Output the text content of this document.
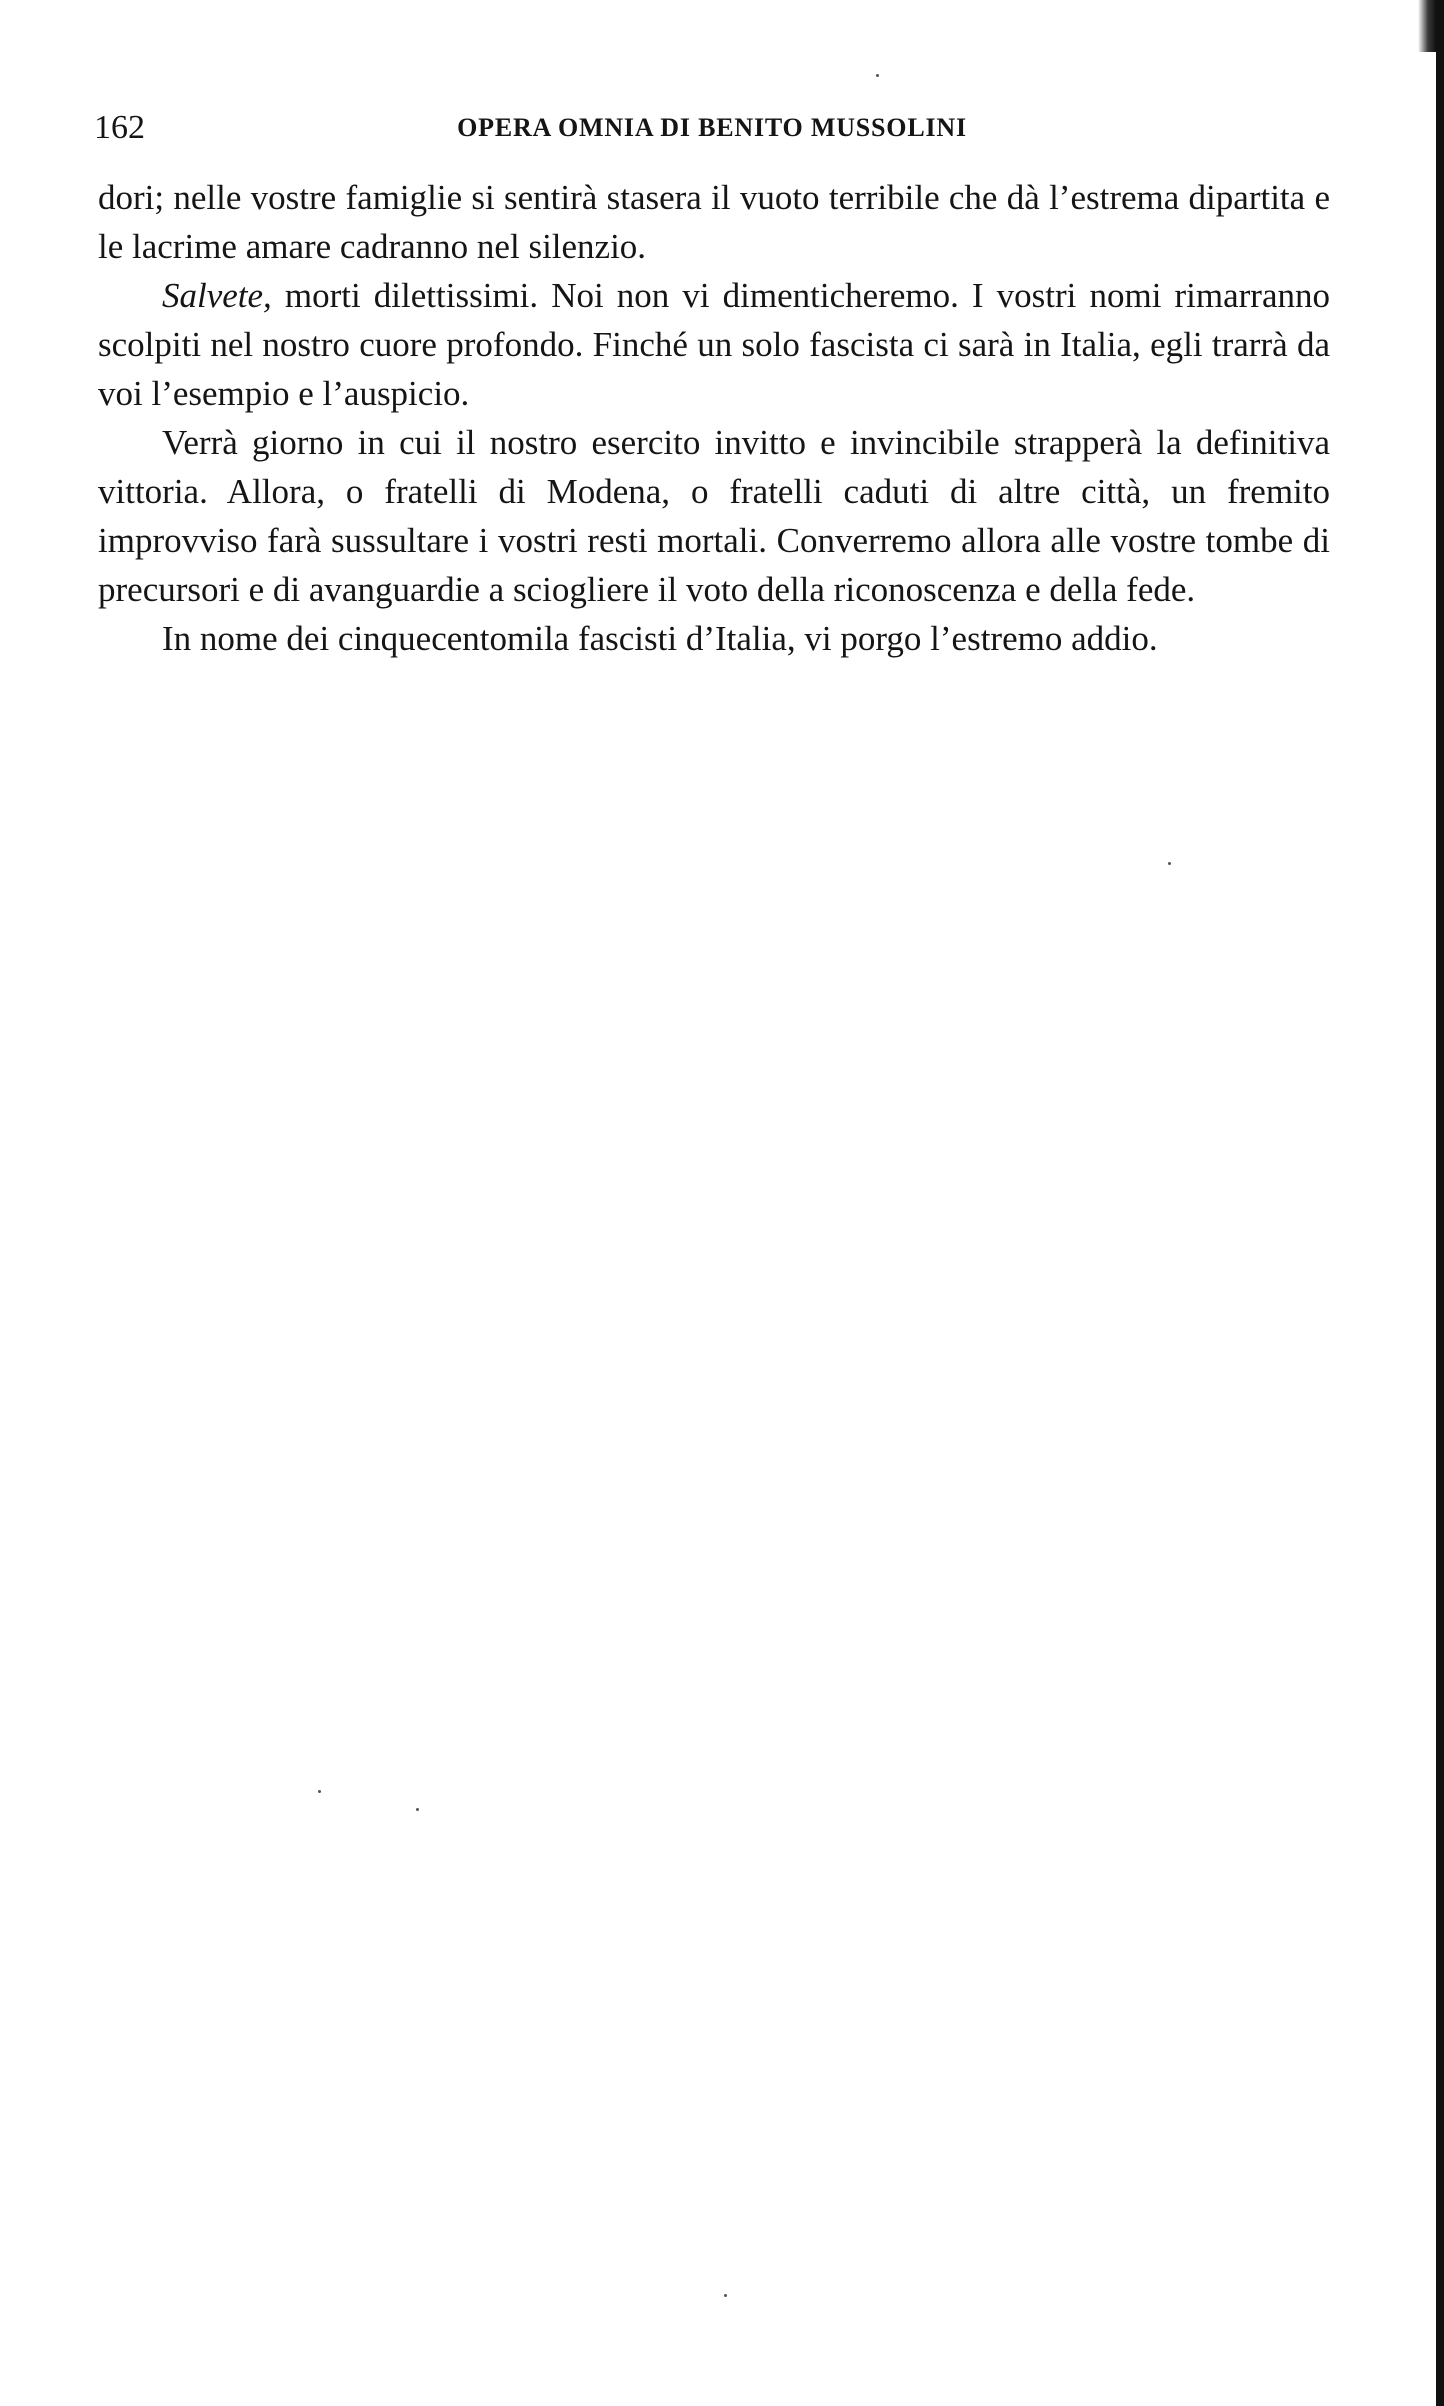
162	OPERA OMNIA DI BENITO MUSSOLINI

dori; nelle vostre famiglie si sentirà stasera il vuoto terribile che dà l’estrema dipartita e le lacrime amare cadranno nel silenzio.

Salvete, morti dilettissimi. Noi non vi dimenticheremo. I vostri nomi rimarranno scolpiti nel nostro cuore profondo. Finché un solo fascista ci sarà in Italia, egli trarrà da voi l’esempio e l’auspicio.

Verrà giorno in cui il nostro esercito invitto e invincibile strapperà la definitiva vittoria. Allora, o fratelli di Modena, o fratelli caduti di altre città, un fremito improvviso farà sussultare i vostri resti mortali. Converremo allora alle vostre tombe di precursori e di avanguardie a sciogliere il voto della riconoscenza e della fede.

In nome dei cinquecentomila fascisti d’Italia, vi porgo l’estremo addio.
